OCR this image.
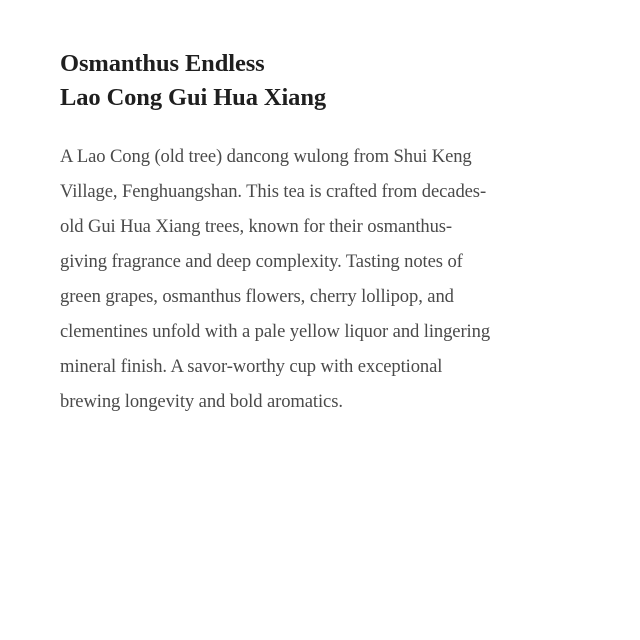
Osmanthus Endless
Lao Cong Gui Hua Xiang

A Lao Cong (old tree) dancong wulong from Shui Keng
Village, Fenghuangshan. This tea is crafted from decades-
old Gui Hua Xiang trees, known for their osmanthus-
giving fragrance and deep complexity. Tasting notes of
green grapes, osmanthus flowers, cherry lollipop, and
clementines unfold with a pale yellow liquor and lingering
mineral finish. A savor-worthy cup with exceptional
brewing longevity and bold aromatics.
